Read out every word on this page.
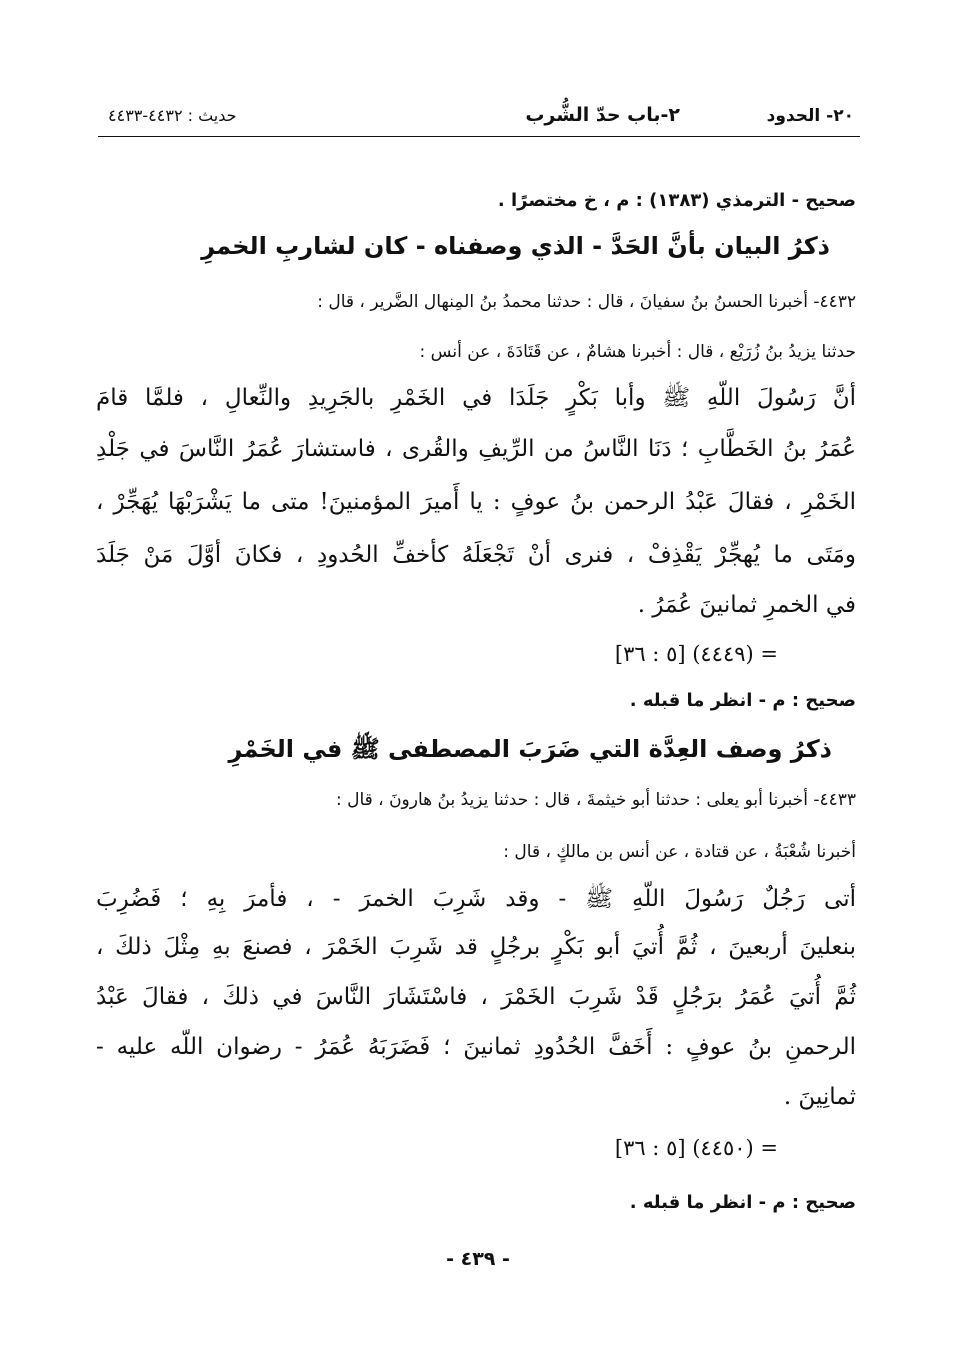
٢٠- الحدود
٢-باب حدّ الشُّرب
حديث : ٤٤٣٢-٤٤٣٣
صحيح - الترمذي (١٣٨٣) : م ، خ مختصرًا .
ذكرُ البيان بأنَّ الحَدَّ - الذي وصفناه - كان لشاربِ الخمرِ
٤٤٣٢- أخبرنا الحسنُ بنُ سفيانَ ، قال : حدثنا محمدُ بنُ المِنهال الضَّرير ، قال :
حدثنا يزيدُ بنُ زُرَيْع ، قال : أخبرنا هشامٌ ، عن قَتَادَةَ ، عن أنس :
أنَّ رَسُولَ اللّهِ ﷺ وأبا بَكْرٍ جَلَدَا في الخَمْرِ بالجَرِيدِ والنِّعالِ ، فلمَّا قامَ
عُمَرُ بنُ الخَطَّابِ ؛ دَنَا النَّاسُ من الرِّيفِ والقُرى ، فاستشارَ عُمَرُ النَّاسَ في جَلْدِ
الخَمْرِ ، فقالَ عَبْدُ الرحمن بنُ عوفٍ : يا أَميرَ المؤمنينَ! متى ما يَشْرَبْهَا يُهَجِّرْ ،
ومَتَى ما يُهجِّرْ يَقْذِفْ ، فنرى أنْ تَجْعَلَهُ كأخفِّ الحُدودِ ، فكانَ أوَّلَ مَنْ جَلَدَ
في الخمرِ ثمانينَ عُمَرُ .
= (٤٤٤٩) [٥ : ٣٦]
صحيح : م - انظر ما قبله .
ذكرُ وصف العِدَّة التي ضَرَبَ المصطفى ﷺ في الخَمْرِ
٤٤٣٣- أخبرنا أبو يعلى : حدثنا أبو خيثمةَ ، قال : حدثنا يزيدُ بنُ هارونَ ، قال :
أخبرنا شُعْبَةُ ، عن قتادة ، عن أنس بن مالكٍ ، قال :
أتى رَجُلٌ رَسُولَ اللّهِ ﷺ - وقد شَرِبَ الخمرَ - ، فأمرَ بِهِ ؛ فَضُرِبَ
بنعلينَ أربعينَ ، ثُمَّ أُتيَ أبو بَكْرٍ برجُلٍ قد شَرِبَ الخَمْرَ ، فصنعَ بهِ مِثْلَ ذلكَ ،
ثُمَّ أُتيَ عُمَرُ برَجُلٍ قَدْ شَرِبَ الخَمْرَ ، فاسْتَشَارَ النَّاسَ في ذلكَ ، فقالَ عَبْدُ
الرحمنِ بنُ عوفٍ : أَخَفَّ الحُدُودِ ثمانينَ ؛ فَضَرَبَهُ عُمَرُ - رضوان اللّه عليه -
ثمانِينَ .
= (٤٤٥٠) [٥ : ٣٦]
صحيح : م - انظر ما قبله .
- ٤٣٩ -
